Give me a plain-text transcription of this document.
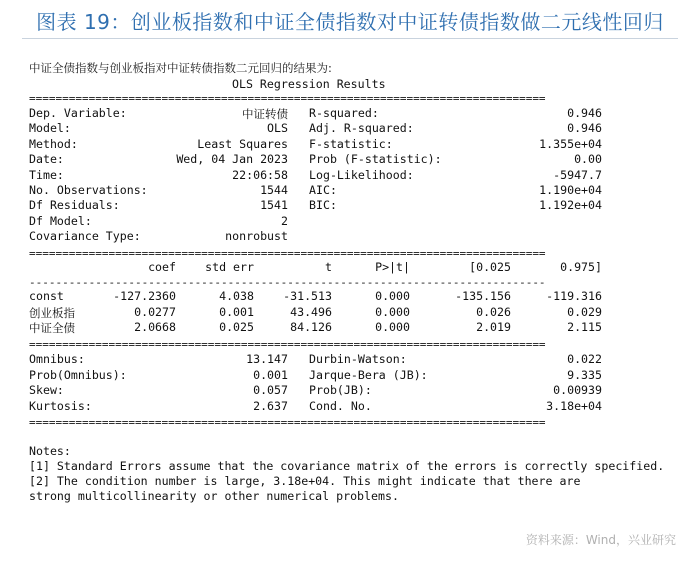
图表 19：创业板指数和中证全债指数对中证转债指数做二元线性回归
中证全债指数与创业板指对中证转债指数二元回归的结果为:
OLS Regression Results
==============================================================================
Dep. Variable:	中证转债 R-squared:	0.946
Model:	OLS Adj. R-squared:	0.946
Method:	Least Squares F-statistic:	1.355e+04
Date:	Wed, 04 Jan 2023 Prob (F-statistic):	0.00
Time:	22:06:58 Log-Likelihood:	-5947.7
No. Observations:	1544 AIC:	1.190e+04
Df Residuals:	1541 BIC:	1.192e+04
Df Model:	2
Covariance Type:	nonrobust
==============================================================================
coef	std err	t	P>|t|	[0.025	0.975]
------------------------------------------------------------------------------
const	-127.2360	4.038	-31.513	0.000	-135.156	-119.316
创业板指	0.0277	0.001	43.496	0.000	0.026	0.029
中证全债	2.0668	0.025	84.126	0.000	2.019	2.115
==============================================================================
Omnibus:	13.147 Durbin-Watson:	0.022
Prob(Omnibus):	0.001 Jarque-Bera (JB):	9.335
Skew:	0.057 Prob(JB):	0.00939
Kurtosis:	2.637 Cond. No.	3.18e+04
==============================================================================
Notes:
[1] Standard Errors assume that the covariance matrix of the errors is correctly specified.
[2] The condition number is large, 3.18e+04. This might indicate that there are
strong multicollinearity or other numerical problems.
资料来源：Wind，兴业研究
